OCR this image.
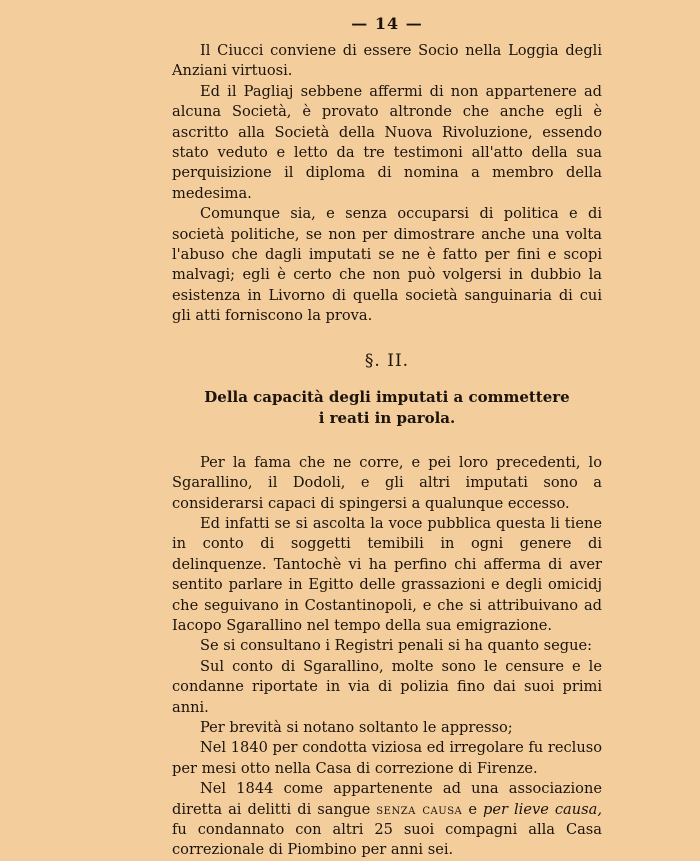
— 14 —

Il Ciucci conviene di essere Socio nella Loggia degli Anziani virtuosi.

Ed il Pagliaj sebbene affermi di non appartenere ad alcuna Società, è provato altronde che anche egli è ascritto alla Società della Nuova Rivoluzione, essendo stato veduto e letto da tre testimoni all'atto della sua perquisizione il diploma di nomina a membro della medesima.

Comunque sia, e senza occuparsi di politica e di società politiche, se non per dimostrare anche una volta l'abuso che dagli imputati se ne è fatto per fini e scopi malvagi; egli è certo che non può volgersi in dubbio la esistenza in Livorno di quella società sanguinaria di cui gli atti forniscono la prova.

§. II.
Della capacità degli imputati a commettere
i reati in parola.

Per la fama che ne corre, e pei loro precedenti, lo Sgarallino, il Dodoli, e gli altri imputati sono a considerarsi capaci di spingersi a qualunque eccesso.

Ed infatti se si ascolta la voce pubblica questa li tiene in conto di soggetti temibili in ogni genere di delinquenze. Tantochè vi ha perfino chi afferma di aver sentito parlare in Egitto delle grassazioni e degli omicidj che seguivano in Costantinopoli, e che si attribuivano ad Iacopo Sgarallino nel tempo della sua emigrazione.

Se si consultano i Registri penali si ha quanto segue:

Sul conto di Sgarallino, molte sono le censure e le condanne riportate in via di polizia fino dai suoi primi anni.

Per brevità si notano soltanto le appresso;

Nel 1840 per condotta viziosa ed irregolare fu recluso per mesi otto nella Casa di correzione di Firenze.

Nel 1844 come appartenente ad una associazione diretta ai delitti di sangue senza causa e per lieve causa, fu condannato con altri 25 suoi compagni alla Casa correzionale di Piombino per anni sei.
